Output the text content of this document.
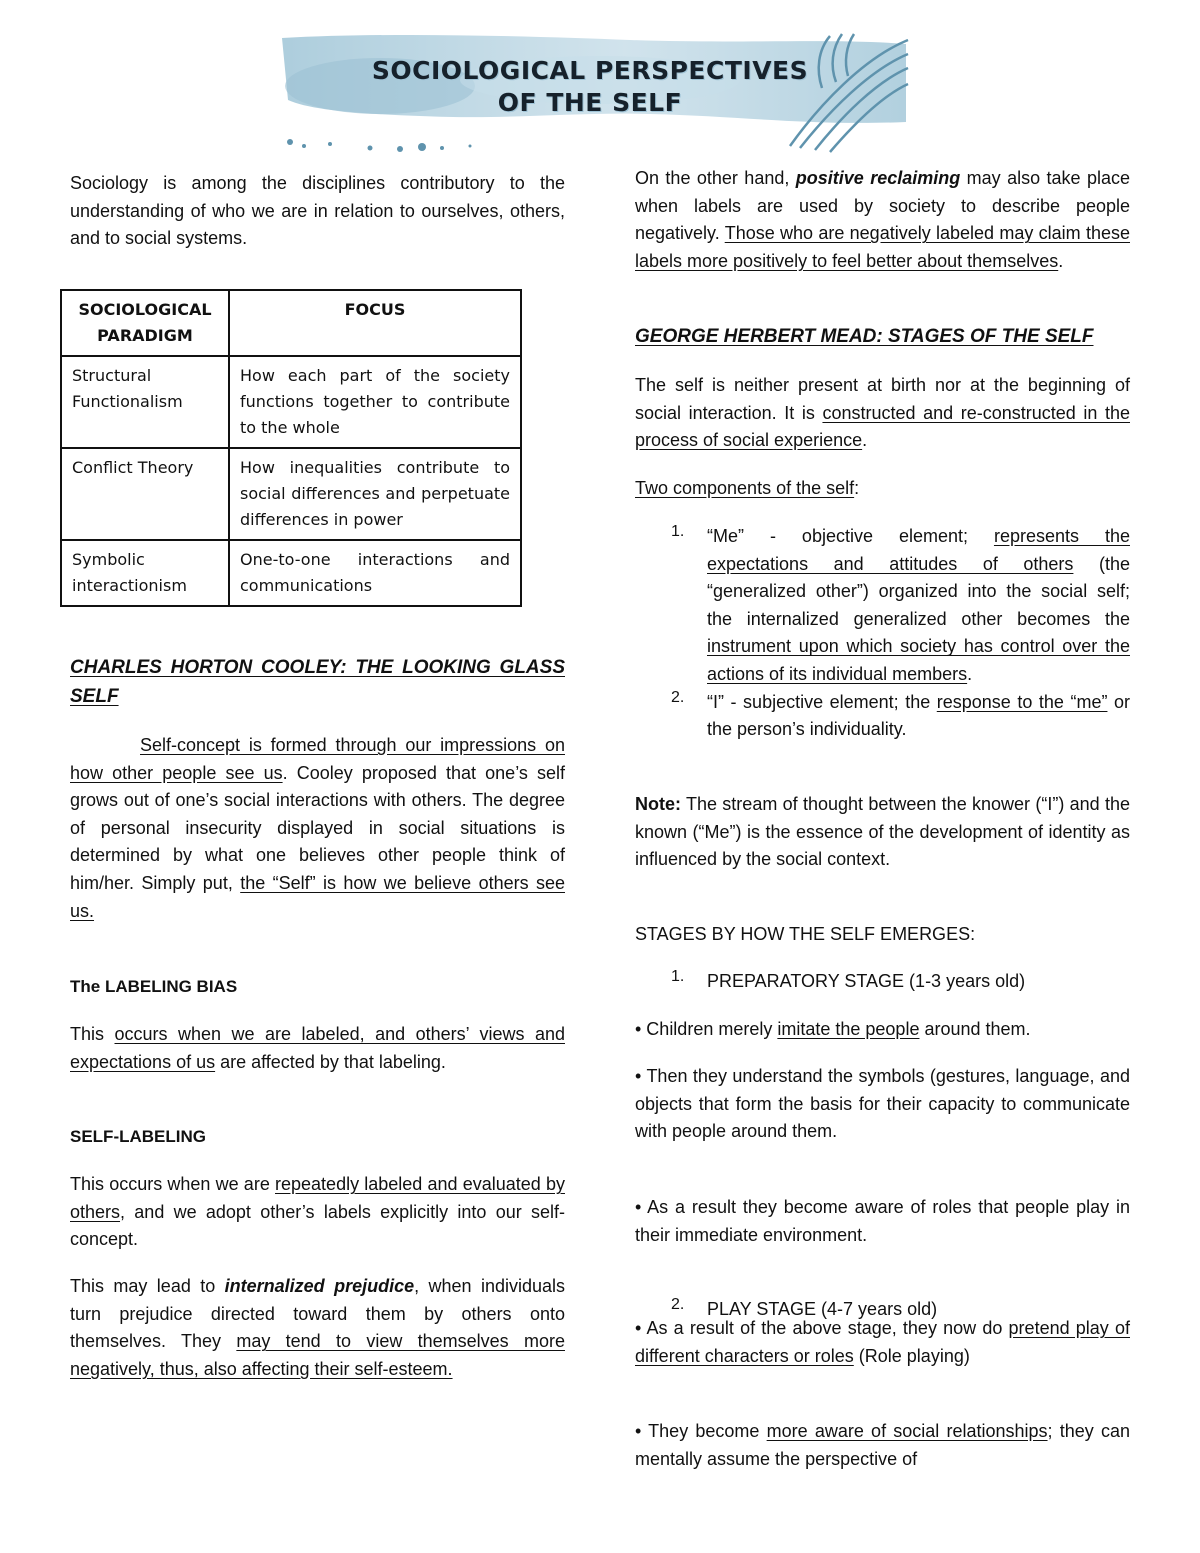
SOCIOLOGICAL PERSPECTIVES
OF THE SELF

Sociology is among the disciplines contributory to the understanding of who we are in relation to ourselves, others, and to social systems.

SOCIOLOGICAL PARADIGM	FOCUS
Structural Functionalism	How each part of the society functions together to contribute to the whole
Conflict Theory	How inequalities contribute to social differences and perpetuate differences in power
Symbolic interactionism	One-to-one interactions and communications
CHARLES HORTON COOLEY: THE LOOKING GLASS SELF

Self-concept is formed through our impressions on how other people see us. Cooley proposed that one’s self grows out of one’s social interactions with others. The degree of personal insecurity displayed in social situations is determined by what one believes other people think of him/her. Simply put, the “Self” is how we believe others see us.

The LABELING BIAS

This occurs when we are labeled, and others’ views and expectations of us are affected by that labeling.

SELF-LABELING

This occurs when we are repeatedly labeled and evaluated by others, and we adopt other’s labels explicitly into our self-concept.

This may lead to internalized prejudice, when individuals turn prejudice directed toward them by others onto themselves. They may tend to view themselves more negatively, thus, also affecting their self-esteem.

On the other hand, positive reclaiming may also take place when labels are used by society to describe people negatively. Those who are negatively labeled may claim these labels more positively to feel better about themselves.

GEORGE HERBERT MEAD: STAGES OF THE SELF

The self is neither present at birth nor at the beginning of social interaction. It is constructed and re-constructed in the process of social experience.

Two components of the self:

1. “Me” - objective element; represents the expectations and attitudes of others (the “generalized other”) organized into the social self; the internalized generalized other becomes the instrument upon which society has control over the actions of its individual members.

2. “I” - subjective element; the response to the “me” or the person’s individuality.

Note: The stream of thought between the knower (“I”) and the known (“Me”) is the essence of the development of identity as influenced by the social context.

STAGES BY HOW THE SELF EMERGES:

1. PREPARATORY STAGE (1-3 years old)

• Children merely imitate the people around them.

• Then they understand the symbols (gestures, language, and objects that form the basis for their capacity to communicate with people around them.

• As a result they become aware of roles that people play in their immediate environment.

2. PLAY STAGE (4-7 years old)

• As a result of the above stage, they now do pretend play of different characters or roles (Role playing)

• They become more aware of social relationships; they can mentally assume the perspective of
